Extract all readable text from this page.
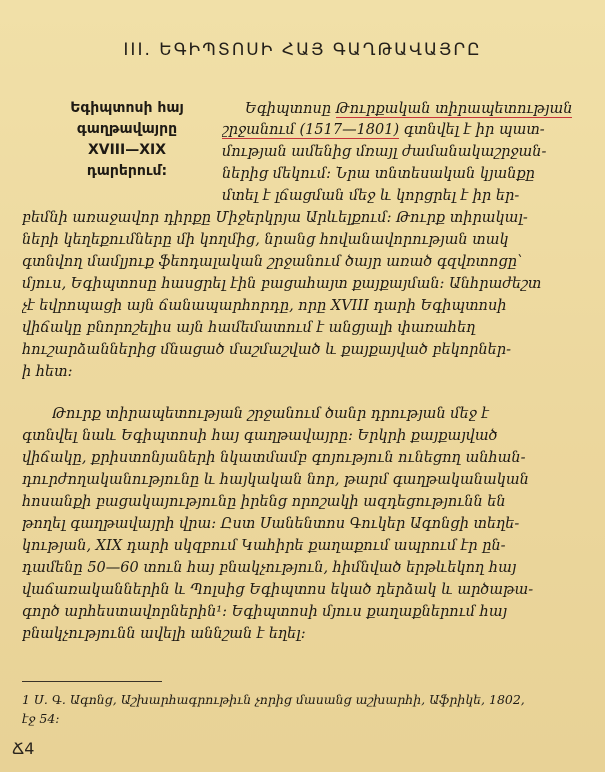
III. ԵԳԻՊՏՈՍԻ ՀԱՅ ԳԱՂԹԱՎԱՅՐԸ
Եգիպտոսի հայ
գաղթավայրը
XVIII—XIX
դարերում:
Եգիպտոսը Թուրքական տիրապետության
շրջանում (1517—1801) գտնվել է իր պատ-
մության ամենից մռայլ ժամանակաշրջան-
ներից մեկում: Նրա տնտեսական կյանքը
մտել է լճացման մեջ և կորցրել է իր եր-
բեմնի առաջավոր դիրքը Միջերկրյա Արևելքում: Թուրք տիրակալ-
ների կեղեքումները մի կողմից, նրանց հովանավորության տակ
գտնվող մամլյուք ֆեոդալական շրջանում ծայր առած գզվռտոցը՝
մյուս, Եգիպտոսը հասցրել էին բացահայտ քայքայման: Անհրաժեշտ
չէ եվրոպացի այն ճանապարհորդը, որը XVIII դարի Եգիպտոսի
վիճակը բնորոշելիս այն համեմատում է անցյալի փառահեղ
հուշարձաններից մնացած մաշմաշված և քայքայված բեկորներ-
ի հետ:
Թուրք տիրապետության շրջանում ծանր դրության մեջ է
գտնվել նաև Եգիպտոսի հայ գաղթավայրը: Երկրի քայքայված
վիճակը, քրիստոնյաների նկատմամբ գոյություն ունեցող անհան-
դուրժողականությունը և հայկական նոր, թարմ գաղթականական
հոսանքի բացակայությունը իրենց որոշակի ազդեցությունն են
թողել գաղթավայրի վրա: Ըստ Սանենտոս Գուկեր Ագոնցի տեղե-
կության, XIX դարի սկզբում Կահիրե քաղաքում ապրում էր ըն-
դամենը 50—60 տուն հայ բնակչություն, հիմնված երթևեկող հայ
վաճառականներին և Պոլսից Եգիպտոս եկած դերձակ և արծաթա-
գործ արհեստավորներին¹: Եգիպտոսի մյուս քաղաքներում հայ
բնակչությունն ավելի աննշան է եղել:
1 Ս. Գ. Ագոնց, Աշխարհագրութիւն չորից մասանց աշխարհի, Աֆրիկե, 1802,
էջ 54:
Ճ4
